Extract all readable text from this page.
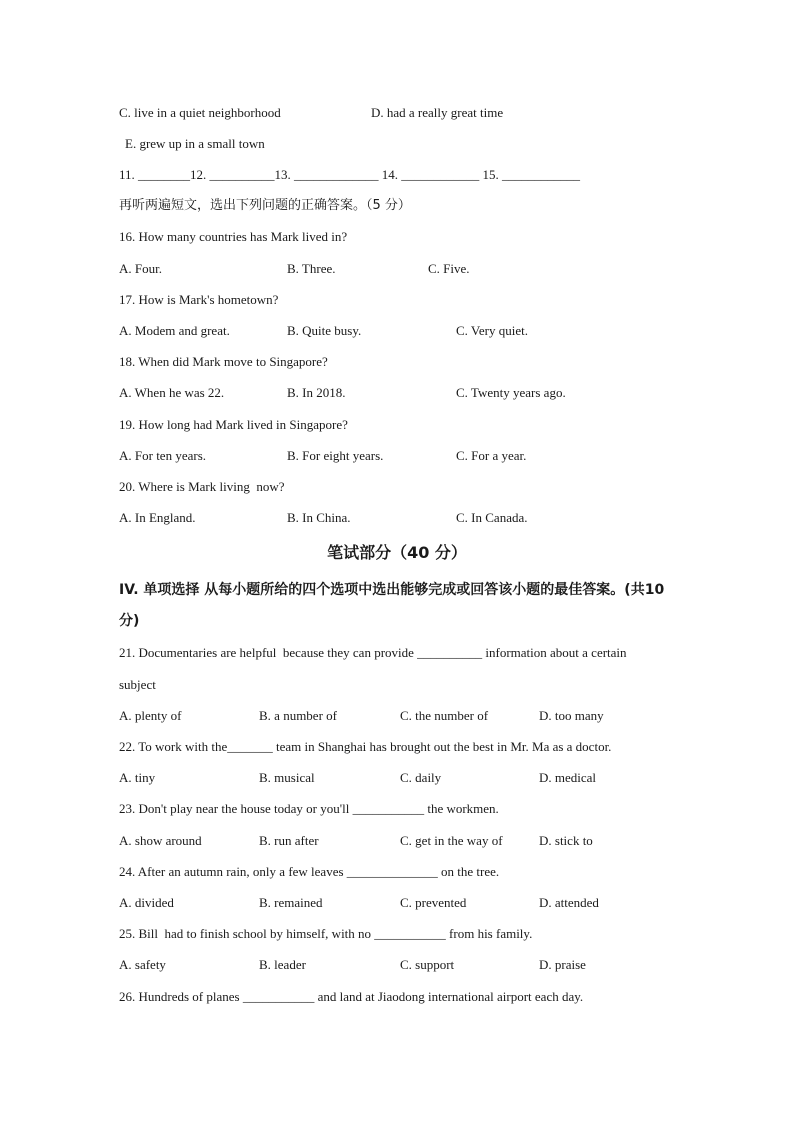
C. live in a quiet neighborhood	D. had a really great time
E. grew up in a small town
11. ________12. __________13. _____________ 14. ____________ 15. ____________
再听两遍短文，选出下列问题的正确答案。（5 分）
16. How many countries has Mark lived in?
A. Four.	B. Three.	C. Five.
17. How is Mark's hometown?
A. Modem and great.	B. Quite busy.	C. Very quiet.
18. When did Mark move to Singapore?
A. When he was 22.	B. In 2018.	C. Twenty years ago.
19. How long had Mark lived in Singapore?
A. For ten years.	B. For eight years.	C. For a year.
20. Where is Mark living  now?
A. In England.	B. In China.	C. In Canada.
笔试部分（40 分）
IV. 单项选择 从每小题所给的四个选项中选出能够完成或回答该小题的最佳答案。(共10
分)
21. Documentaries are helpful  because they can provide __________ information about a certain
subject
A. plenty of	B. a number of	C. the number of	D. too many
22. To work with the_______ team in Shanghai has brought out the best in Mr. Ma as a doctor.
A. tiny	B. musical	C. daily	D. medical
23. Don't play near the house today or you'll ___________ the workmen.
A. show around	B. run after	C. get in the way of	D. stick to
24. After an autumn rain, only a few leaves ______________ on the tree.
A. divided	B. remained	C. prevented	D. attended
25. Bill  had to finish school by himself, with no ___________ from his family.
A. safety	B. leader	C. support	D. praise
26. Hundreds of planes ___________ and land at Jiaodong international airport each day.
